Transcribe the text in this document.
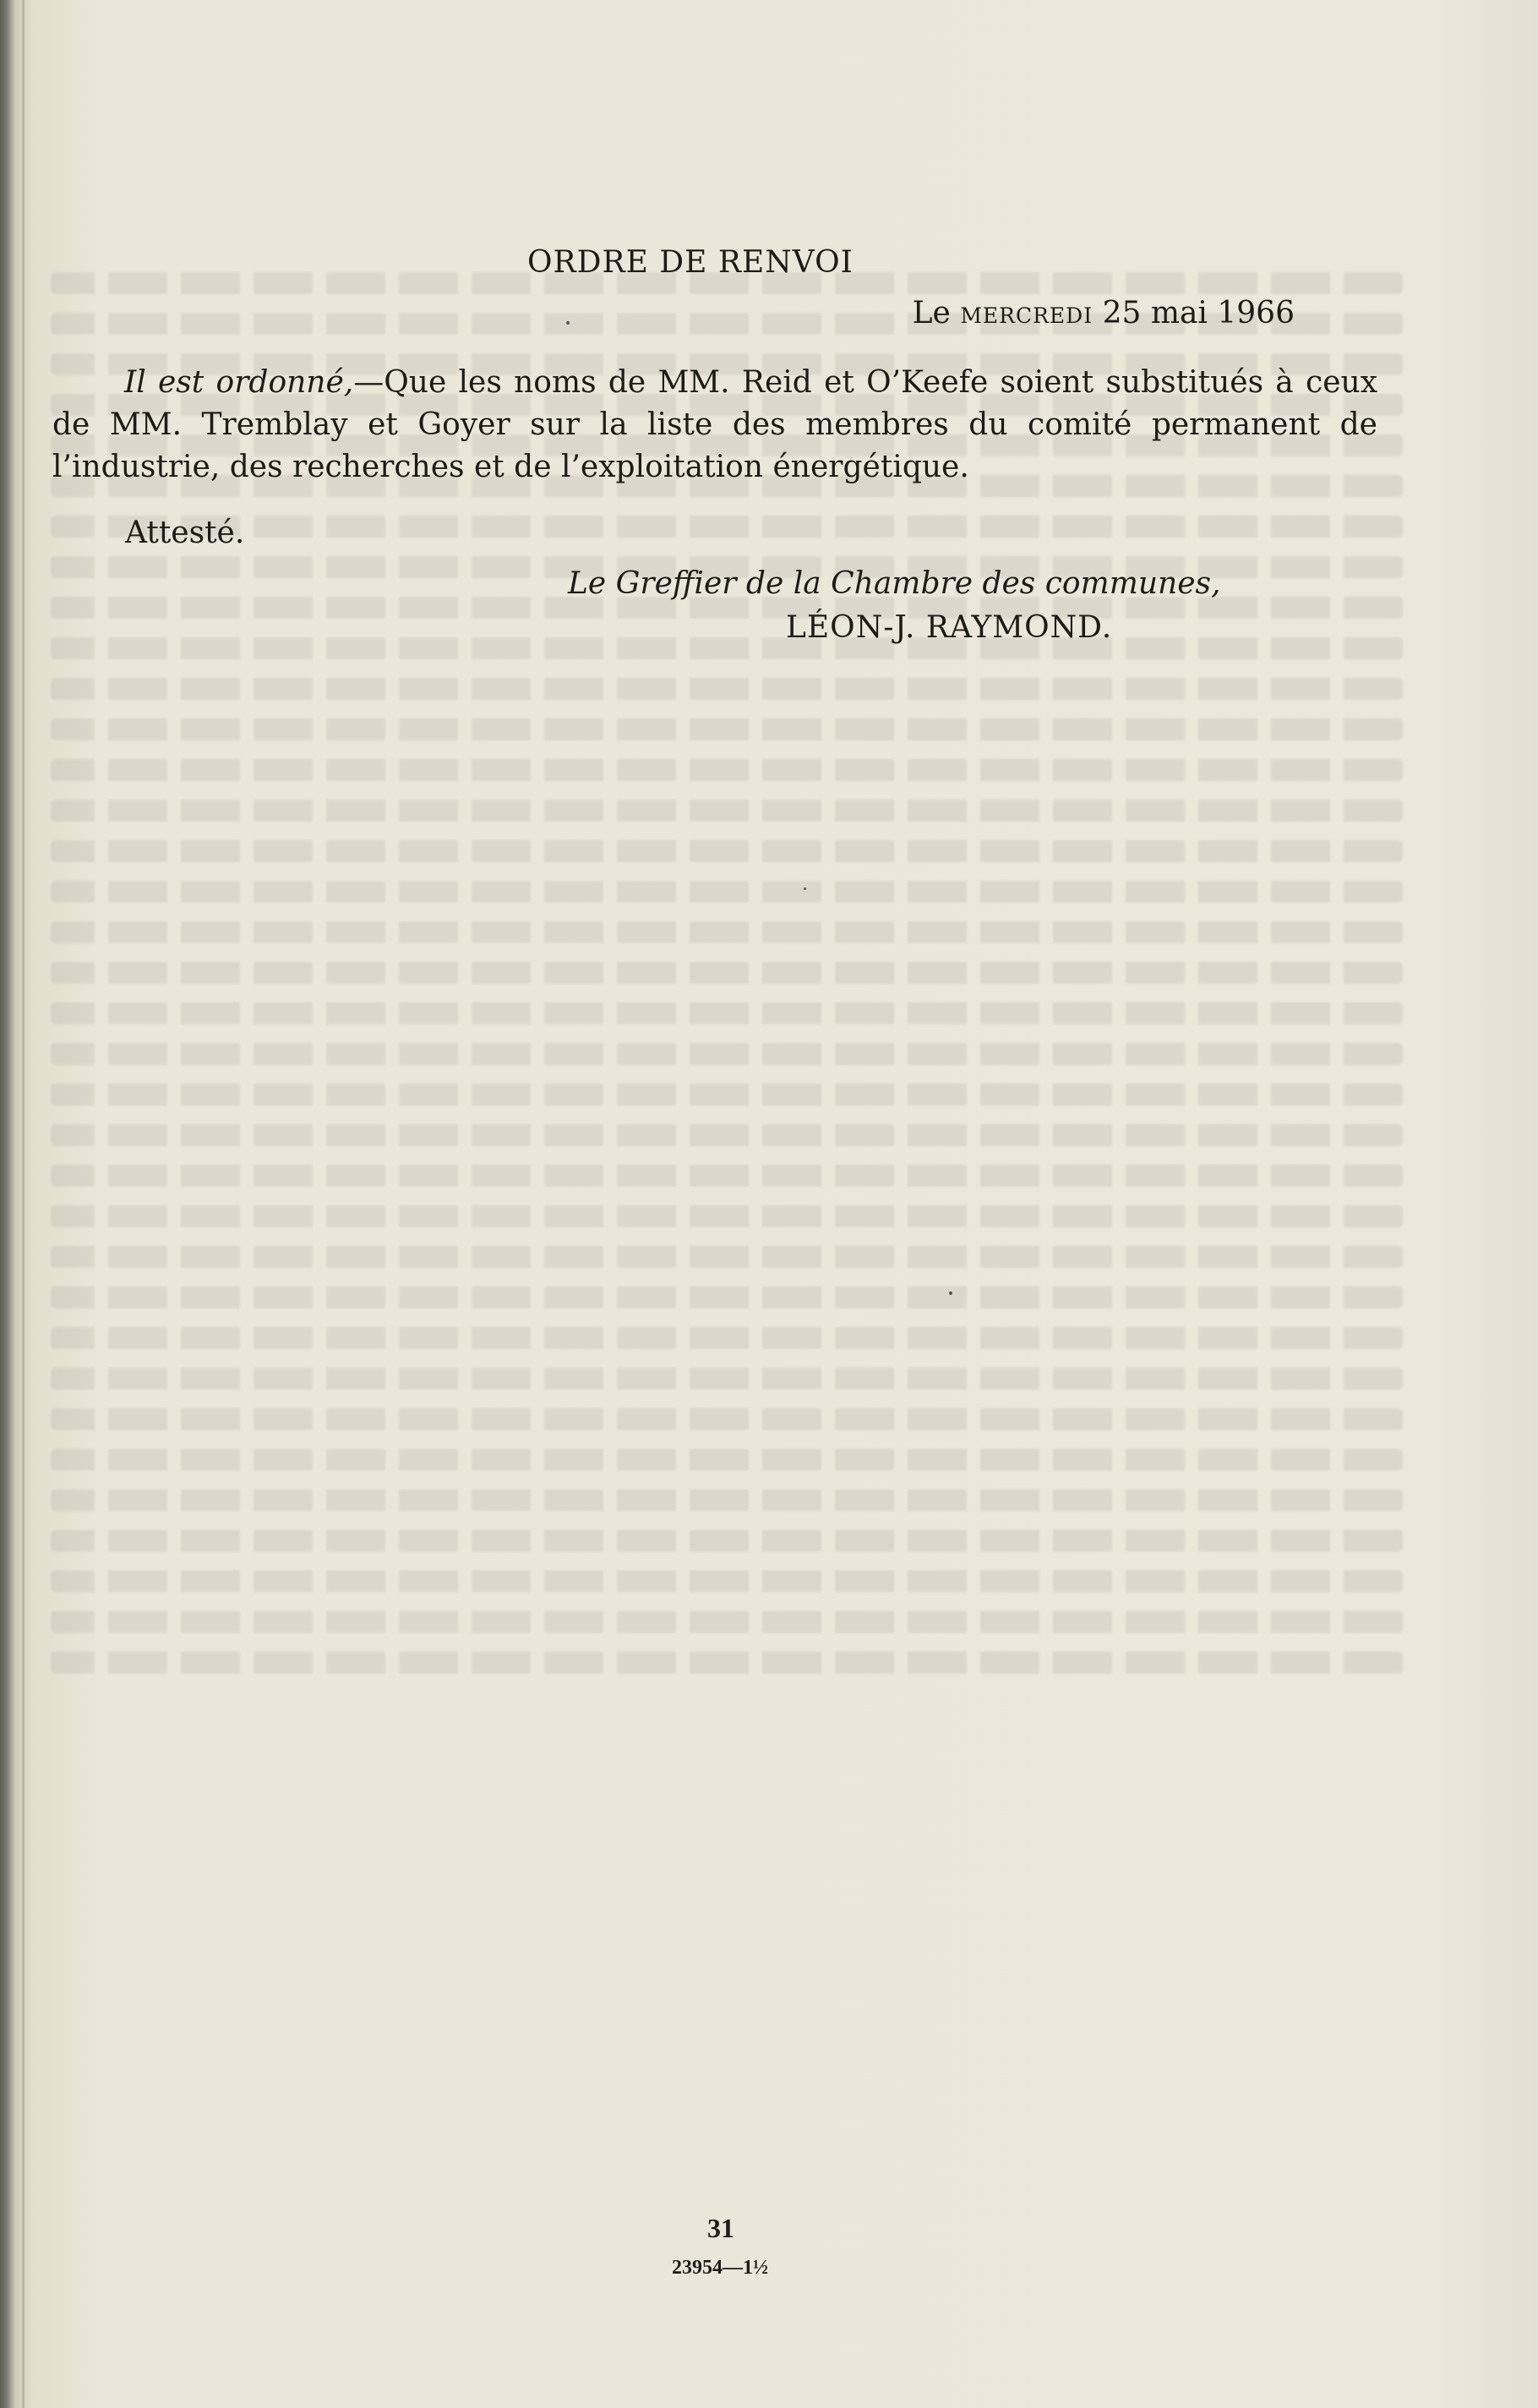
ORDRE DE RENVOI

Le mercredi 25 mai 1966

Il est ordonné,—Que les noms de MM. Reid et O’Keefe soient substitués à ceux de MM. Tremblay et Goyer sur la liste des membres du comité permanent de l’industrie, des recherches et de l’exploitation énergétique.

Attesté.

Le Greffier de la Chambre des communes,
LÉON-J. RAYMOND.

31

23954—1½
